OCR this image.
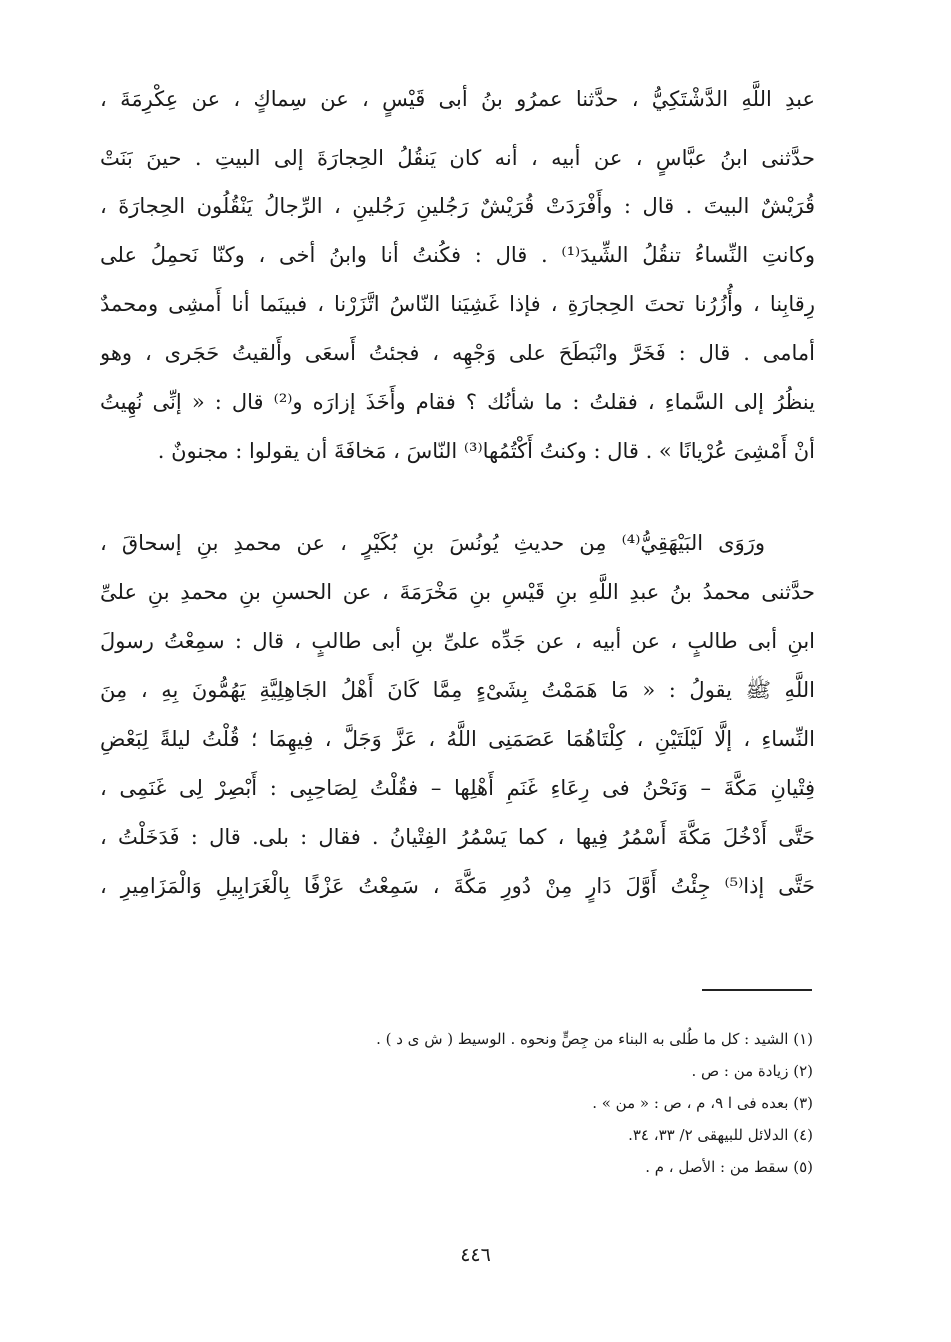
عبدِ اللَّهِ الدَّشْتَكِيُّ ، حدَّثنا عمرُو بنُ أبى قَيْسٍ ، عن سِماكٍ ، عن عِكْرِمَةَ ،
حدَّثنى ابنُ عبَّاسٍ ، عن أبيه ، أنه كان يَنقُلُ الحِجارَةَ إلى البيتِ . حينَ بَنَتْ
قُرَيْشٌ البيتَ . قال : وأَفْرَدَتْ قُرَيْشٌ رَجُلينِ رَجُلينِ ، الرِّجالُ يَنْقُلُون الحِجارَةَ ،
وكانتِ النِّساءُ تنقُلُ الشِّيدَ⁽¹⁾ . قال : فكُنتُ أنا وابنُ أخى ، وكنّا نَحمِلُ على
رِقابِنا ، وأُزُرُنا تحتَ الحِجارَةِ ، فإذا غَشِيَنا النّاسُ اتَّزَرْنا ، فبينَما أنا أَمشِى ومحمدٌ
أمامى . قال : فَخَرَّ وانْبَطَحَ على وَجْهِه ، فجئتُ أَسعَى وأَلقيتُ حَجَرى ، وهو
ينظُرُ إلى السَّماءِ ، فقلتُ : ما شأنُك ؟ فقام وأَخَذَ إزارَه و⁽²⁾ قال : « إنِّى نُهِيتُ
أنْ أَمْشِىَ عُرْيانًا » . قال : وكنتُ أَكْتُمُها⁽³⁾ النّاسَ ، مَخافَةَ أن يقولوا : مجنونٌ .
ورَوَى البَيْهَقِيُّ⁽⁴⁾ مِن حديثِ يُونُسَ بنِ بُكَيْرٍ ، عن محمدِ بنِ إسحاقَ ،
حدَّثنى محمدُ بنُ عبدِ اللَّهِ بنِ قَيْسِ بنِ مَخْرَمَةَ ، عن الحسنِ بنِ محمدِ بنِ علىِّ
ابنِ أبى طالبٍ ، عن أبيه ، عن جَدِّه علىِّ بنِ أبى طالبٍ ، قال : سمِعْتُ رسولَ
اللَّهِ ﷺ يقولُ : « مَا هَمَمْتُ بِشَىْءٍ مِمَّا كَانَ أَهْلُ الجَاهِلِيَّةِ يَهُمُّونَ بِهِ ، مِنَ
النِّساءِ ، إلَّا لَيْلَتَيْنِ ، كِلْتَاهُمَا عَصَمَنِى اللَّهُ ، عَزَّ وَجَلَّ ، فِيهِمَا ؛ قُلْتُ ليلةً لِبَعْضِ
فِتْيانِ مَكَّةَ – وَنَحْنُ فى رِعَاءِ غَنَمِ أَهْلِها – فقُلْتُ لِصَاحِبِى : أَبْصِرْ لِى غَنَمِى ،
حَتَّى أَدْخُلَ مَكَّةَ أَسْمُرُ فِيها ، كما يَسْمُرُ الفِتْيانُ . فقال : بلى. قال : فَدَخَلْتُ ،
حَتَّى إذا⁽⁵⁾ جِئْتُ أَوَّلَ دَارٍ مِنْ دُورِ مَكَّةَ ، سَمِعْتُ عَزْفًا بِالْغَرَابِيلِ وَالْمَزَامِيرِ ،
(١) الشيد : كل ما طُلى به البناء من جِصٍّ ونحوه . الوسيط ( ش ى د ) .
(٢) زيادة من : ص .
(٣) بعده فى ا ٩، م ، ص : « من » .
(٤) الدلائل للبيهقى ٢/ ٣٣، ٣٤.
(٥) سقط من : الأصل ، م .
٤٤٦
